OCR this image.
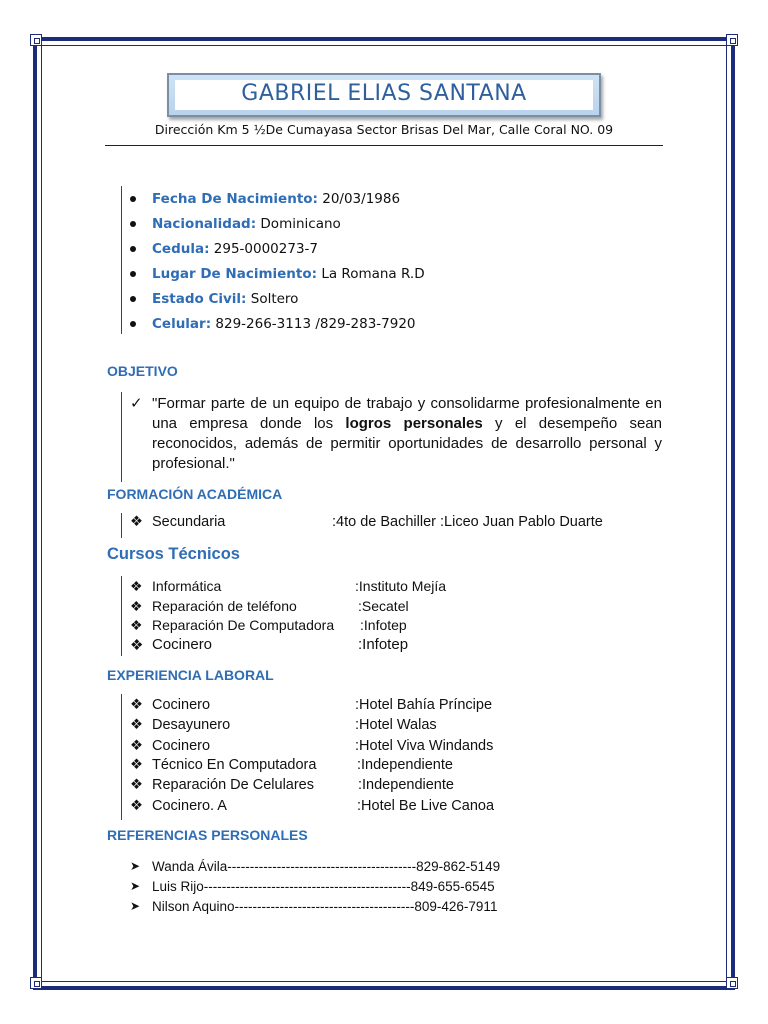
GABRIEL ELIAS SANTANA
Dirección Km 5 ½De Cumayasa Sector Brisas Del Mar, Calle Coral NO. 09
Fecha De Nacimiento: 20/03/1986
Nacionalidad: Dominicano
Cedula: 295-0000273-7
Lugar De Nacimiento: La Romana R.D
Estado Civil: Soltero
Celular: 829-266-3113 /829-283-7920
OBJETIVO
✓ "Formar parte de un equipo de trabajo y consolidarme profesionalmente en una empresa donde los logros personales y el desempeño sean reconocidos, además de permitir oportunidades de desarrollo personal y profesional."
FORMACIÓN ACADÉMICA
❖ Secundaria	:4to de Bachiller :Liceo Juan Pablo Duarte
Cursos Técnicos
❖ Informática	:Instituto Mejía
❖ Reparación de teléfono	:Secatel
❖ Reparación De Computadora :Infotep
❖ Cocinero	:Infotep
EXPERIENCIA LABORAL
❖ Cocinero	:Hotel Bahía Príncipe
❖ Desayunero	:Hotel Walas
❖ Cocinero	:Hotel Viva Windands
❖ Técnico En Computadora	:Independiente
❖ Reparación De Celulares	:Independiente
❖ Cocinero. A	:Hotel Be Live Canoa
REFERENCIAS PERSONALES
➤ Wanda Ávila------------------------------------------829-862-5149
➤ Luis Rijo----------------------------------------------849-655-6545
➤ Nilson Aquino----------------------------------------809-426-7911
